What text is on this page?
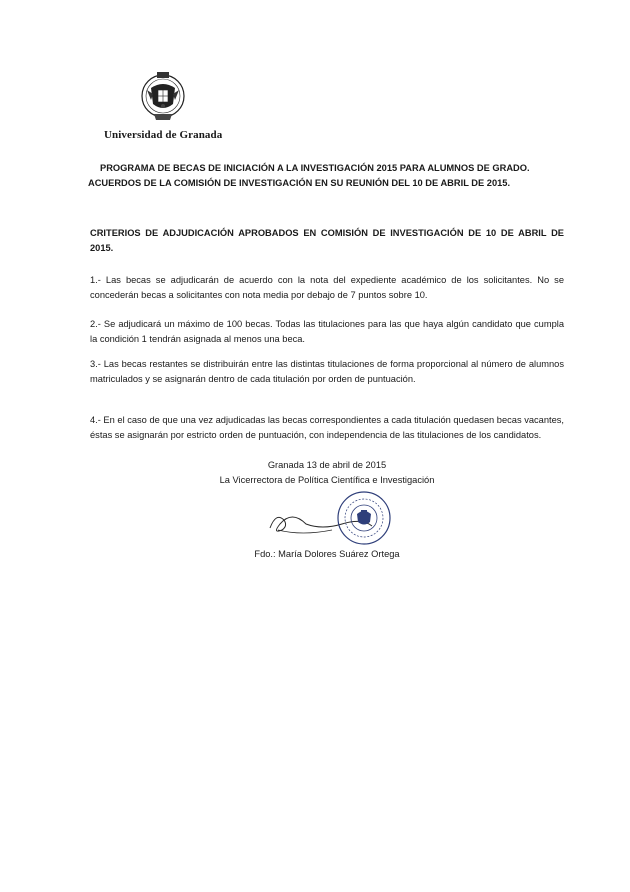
Universidad de Granada
PROGRAMA DE BECAS DE INICIACIÓN A LA INVESTIGACIÓN 2015 PARA ALUMNOS DE GRADO.
ACUERDOS DE LA COMISIÓN DE INVESTIGACIÓN EN SU REUNIÓN DEL 10 DE ABRIL DE 2015.
CRITERIOS DE ADJUDICACIÓN APROBADOS EN COMISIÓN DE INVESTIGACIÓN DE 10 DE ABRIL DE 2015.

1.- Las becas se adjudicarán de acuerdo con la nota del expediente académico de los solicitantes. No se concederán becas a solicitantes con nota media por debajo de 7 puntos sobre 10.

2.- Se adjudicará un máximo de 100 becas. Todas las titulaciones para las que haya algún candidato que cumpla la condición 1 tendrán asignada al menos una beca.

3.- Las becas restantes se distribuirán entre las distintas titulaciones de forma proporcional al número de alumnos matriculados y se asignarán dentro de cada titulación por orden de puntuación.

4.- En el caso de que una vez adjudicadas las becas correspondientes a cada titulación quedasen becas vacantes, éstas se asignarán por estricto orden de puntuación, con independencia de las titulaciones de los candidatos.

Granada 13 de abril de 2015
La Vicerrectora de Política Científica e Investigación
Fdo.: María Dolores Suárez Ortega
